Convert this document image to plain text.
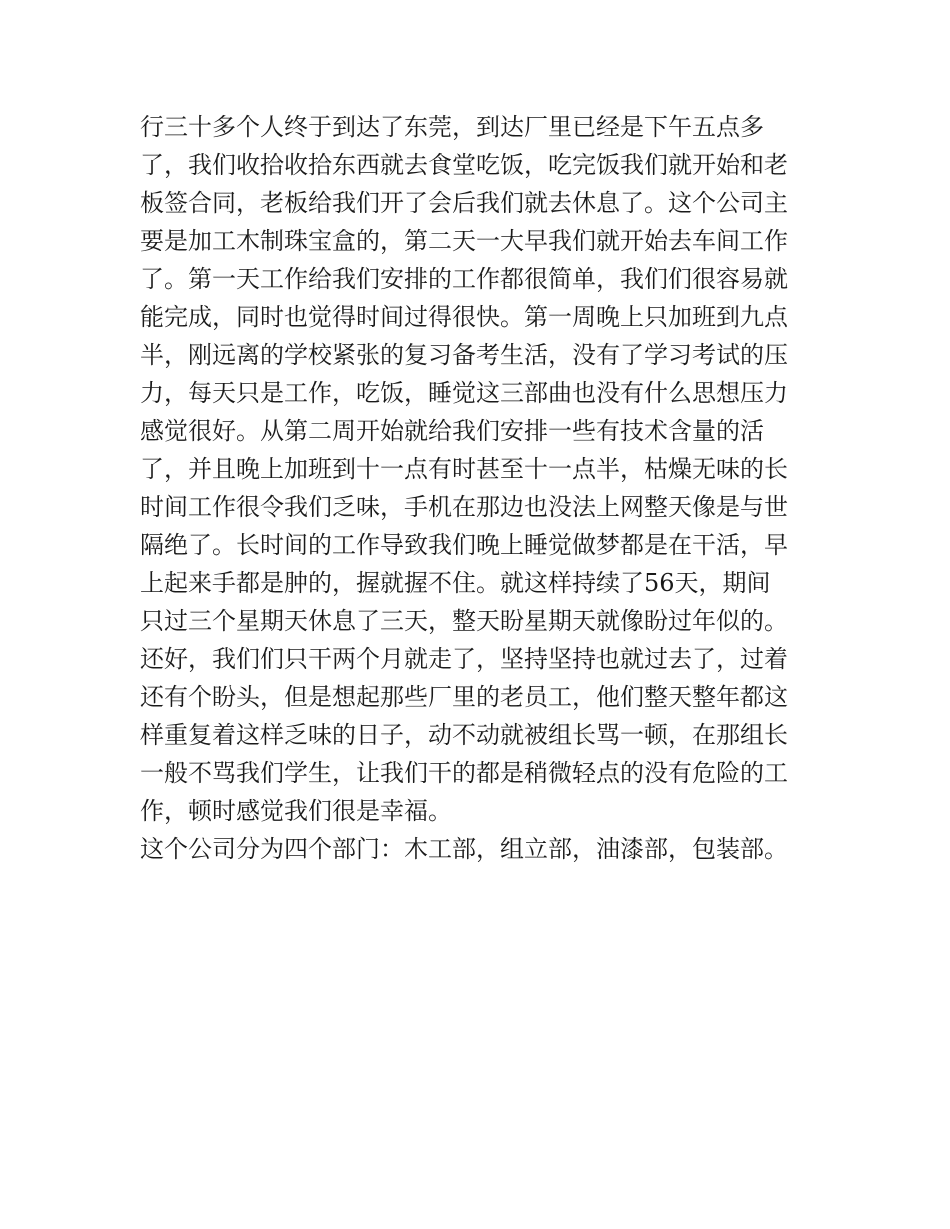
行三十多个人终于到达了东莞，到达厂里已经是下午五点多
了，我们收拾收拾东西就去食堂吃饭，吃完饭我们就开始和老
板签合同，老板给我们开了会后我们就去休息了。这个公司主
要是加工木制珠宝盒的，第二天一大早我们就开始去车间工作
了。第一天工作给我们安排的工作都很简单，我们们很容易就
能完成，同时也觉得时间过得很快。第一周晚上只加班到九点
半，刚远离的学校紧张的复习备考生活，没有了学习考试的压
力，每天只是工作，吃饭，睡觉这三部曲也没有什么思想压力
感觉很好。从第二周开始就给我们安排一些有技术含量的活
了，并且晚上加班到十一点有时甚至十一点半，枯燥无味的长
时间工作很令我们乏味，手机在那边也没法上网整天像是与世
隔绝了。长时间的工作导致我们晚上睡觉做梦都是在干活，早
上起来手都是肿的，握就握不住。就这样持续了56天，期间
只过三个星期天休息了三天，整天盼星期天就像盼过年似的。
还好，我们们只干两个月就走了，坚持坚持也就过去了，过着
还有个盼头，但是想起那些厂里的老员工，他们整天整年都这
样重复着这样乏味的日子，动不动就被组长骂一顿，在那组长
一般不骂我们学生，让我们干的都是稍微轻点的没有危险的工
作，顿时感觉我们很是幸福。
这个公司分为四个部门：木工部，组立部，油漆部，包装部。
